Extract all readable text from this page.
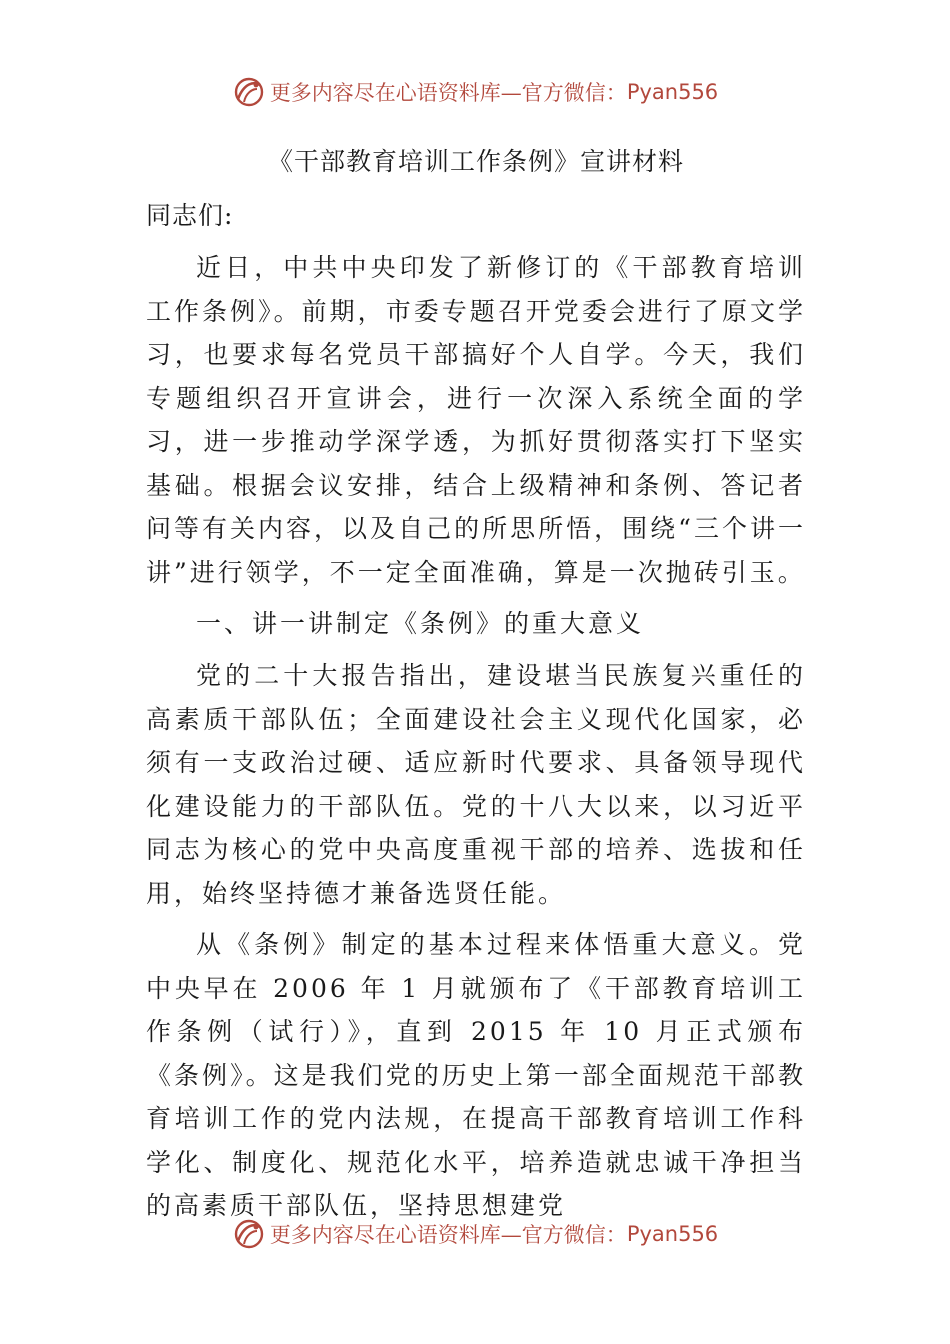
更多内容尽在心语资料库—官方微信： Pyan556
《干部教育培训工作条例》宣讲材料

同志们:

近日，中共中央印发了新修订的《干部教育培训工作条例》。前期，市委专题召开党委会进行了原文学习，也要求每名党员干部搞好个人自学。今天，我们专题组织召开宣讲会，进行一次深入系统全面的学习，进一步推动学深学透，为抓好贯彻落实打下坚实基础。根据会议安排，结合上级精神和条例、答记者问等有关内容，以及自己的所思所悟，围绕“三个讲一讲”进行领学，不一定全面准确，算是一次抛砖引玉。

一、讲一讲制定《条例》的重大意义

党的二十大报告指出，建设堪当民族复兴重任的高素质干部队伍；全面建设社会主义现代化国家，必须有一支政治过硬、适应新时代要求、具备领导现代化建设能力的干部队伍。党的十八大以来，以习近平同志为核心的党中央高度重视干部的培养、选拔和任用，始终坚持德才兼备选贤任能。

从《条例》制定的基本过程来体悟重大意义。党中央早在 2006 年 1 月就颁布了《干部教育培训工作条例（试行）》，直到 2015 年 10 月正式颁布《条例》。这是我们党的历史上第一部全面规范干部教育培训工作的党内法规，在提高干部教育培训工作科学化、制度化、规范化水平，培养造就忠诚干净担当的高素质干部队伍，坚持思想建党

更多内容尽在心语资料库—官方微信： Pyan556
